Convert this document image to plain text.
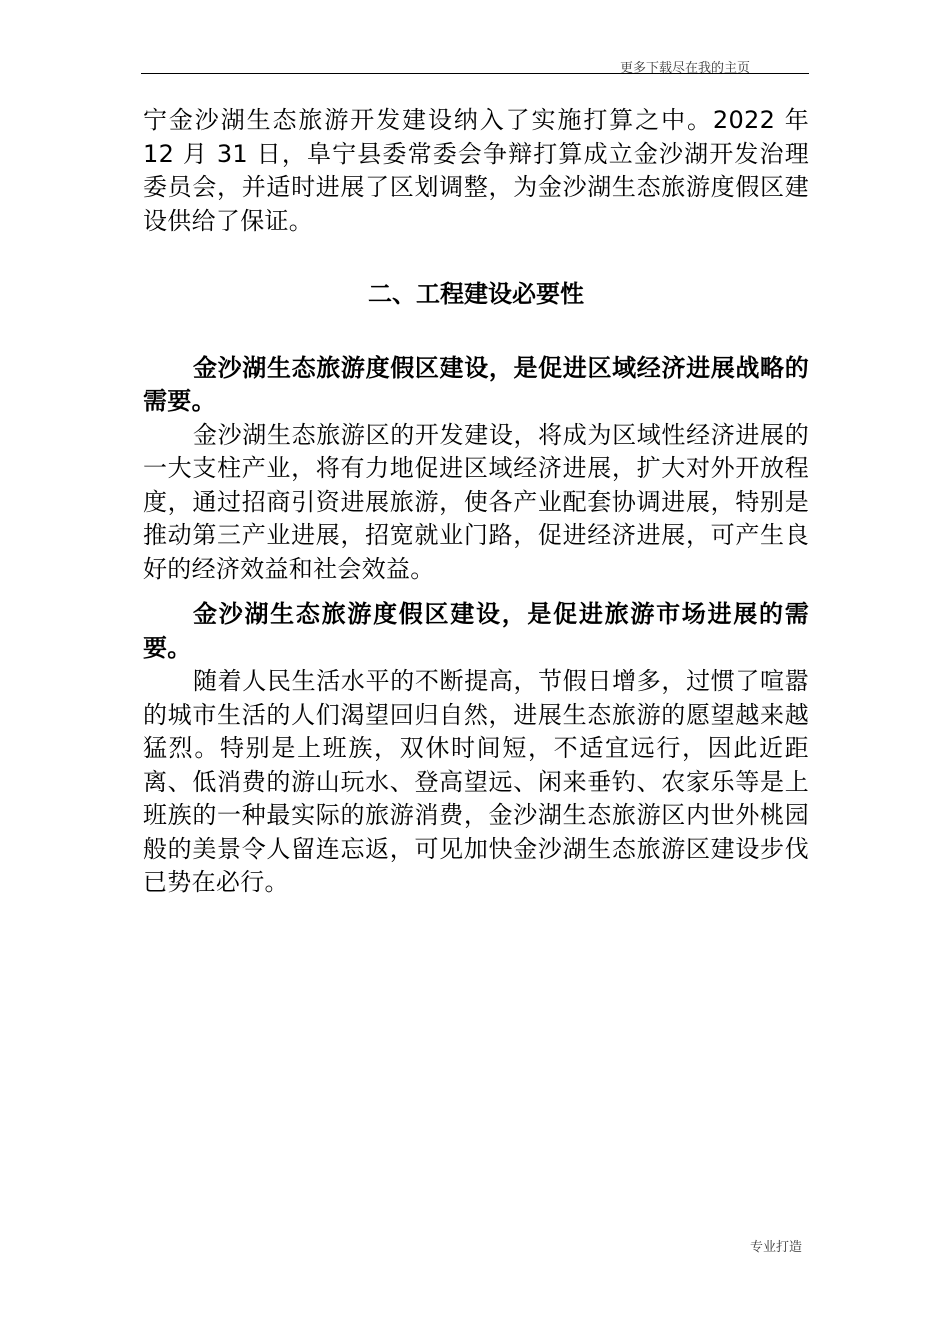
更多下载尽在我的主页

宁金沙湖生态旅游开发建设纳入了实施打算之中。2022 年 12 月 31 日，阜宁县委常委会争辩打算成立金沙湖开发治理委员会，并适时进展了区划调整，为金沙湖生态旅游度假区建设供给了保证。

二、工程建设必要性

金沙湖生态旅游度假区建设，是促进区域经济进展战略的需要。

金沙湖生态旅游区的开发建设，将成为区域性经济进展的一大支柱产业，将有力地促进区域经济进展，扩大对外开放程度，通过招商引资进展旅游，使各产业配套协调进展，特别是推动第三产业进展，招宽就业门路，促进经济进展，可产生良好的经济效益和社会效益。

金沙湖生态旅游度假区建设，是促进旅游市场进展的需要。

随着人民生活水平的不断提高，节假日增多，过惯了喧嚣的城市生活的人们渴望回归自然，进展生态旅游的愿望越来越猛烈。特别是上班族，双休时间短，不适宜远行，因此近距离、低消费的游山玩水、登高望远、闲来垂钓、农家乐等是上班族的一种最实际的旅游消费，金沙湖生态旅游区内世外桃园般的美景令人留连忘返，可见加快金沙湖生态旅游区建设步伐已势在必行。

专业打造
